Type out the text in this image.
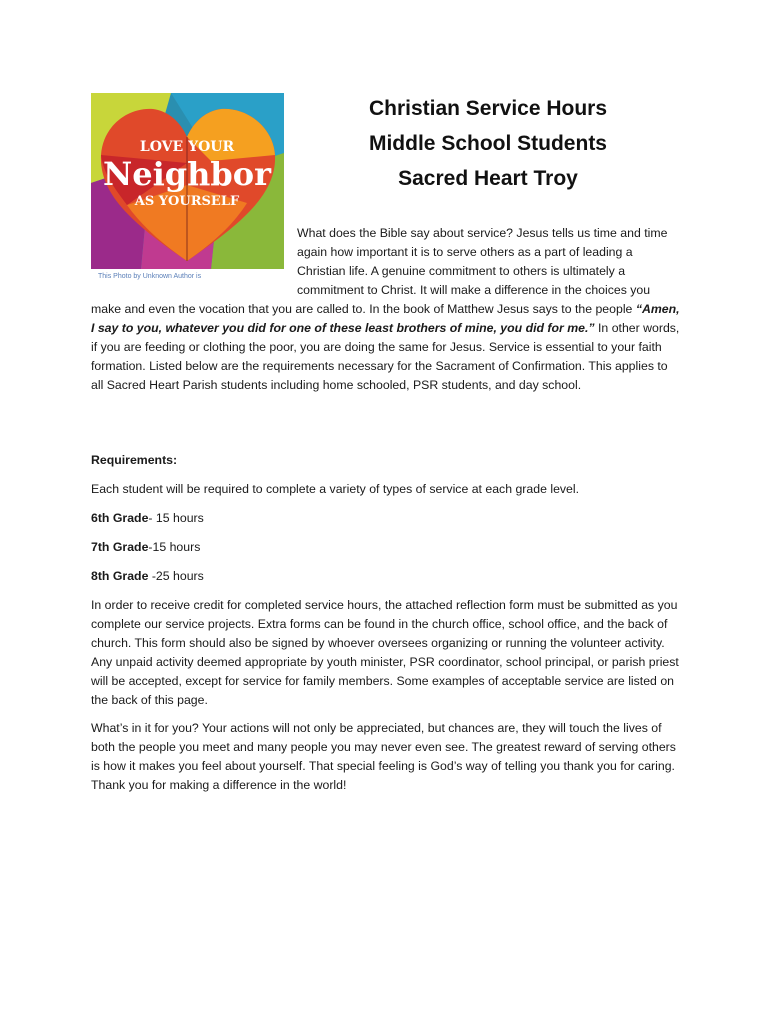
LOVE YOUR
Neighbor
AS YOURSELF
This Photo by Unknown Author is
Christian Service Hours
Middle School Students
Sacred Heart Troy
What does the Bible say about service? Jesus tells us time and time
again how important it is to serve others as a part of leading a
Christian life. A genuine commitment to others is ultimately a
commitment to Christ. It will make a difference in the choices you
make and even the vocation that you are called to. In the book of Matthew Jesus says to the people “Amen, I say to you, whatever you did for one of these least brothers of mine, you did for me.” In other words, if you are feeding or clothing the poor, you are doing the same for Jesus. Service is essential to your faith formation. Listed below are the requirements necessary for the Sacrament of Confirmation. This applies to all Sacred Heart Parish students including home schooled, PSR students, and day school.
Requirements:
Each student will be required to complete a variety of types of service at each grade level.
6th Grade- 15 hours
7th Grade-15 hours
8th Grade -25 hours
In order to receive credit for completed service hours, the attached reflection form must be submitted as you complete our service projects. Extra forms can be found in the church office, school office, and the back of church. This form should also be signed by whoever oversees organizing or running the volunteer activity. Any unpaid activity deemed appropriate by youth minister, PSR coordinator, school principal, or parish priest will be accepted, except for service for family members. Some examples of acceptable service are listed on the back of this page.
What’s in it for you? Your actions will not only be appreciated, but chances are, they will touch the lives of both the people you meet and many people you may never even see. The greatest reward of serving others is how it makes you feel about yourself. That special feeling is God’s way of telling you thank you for caring. Thank you for making a difference in the world!
